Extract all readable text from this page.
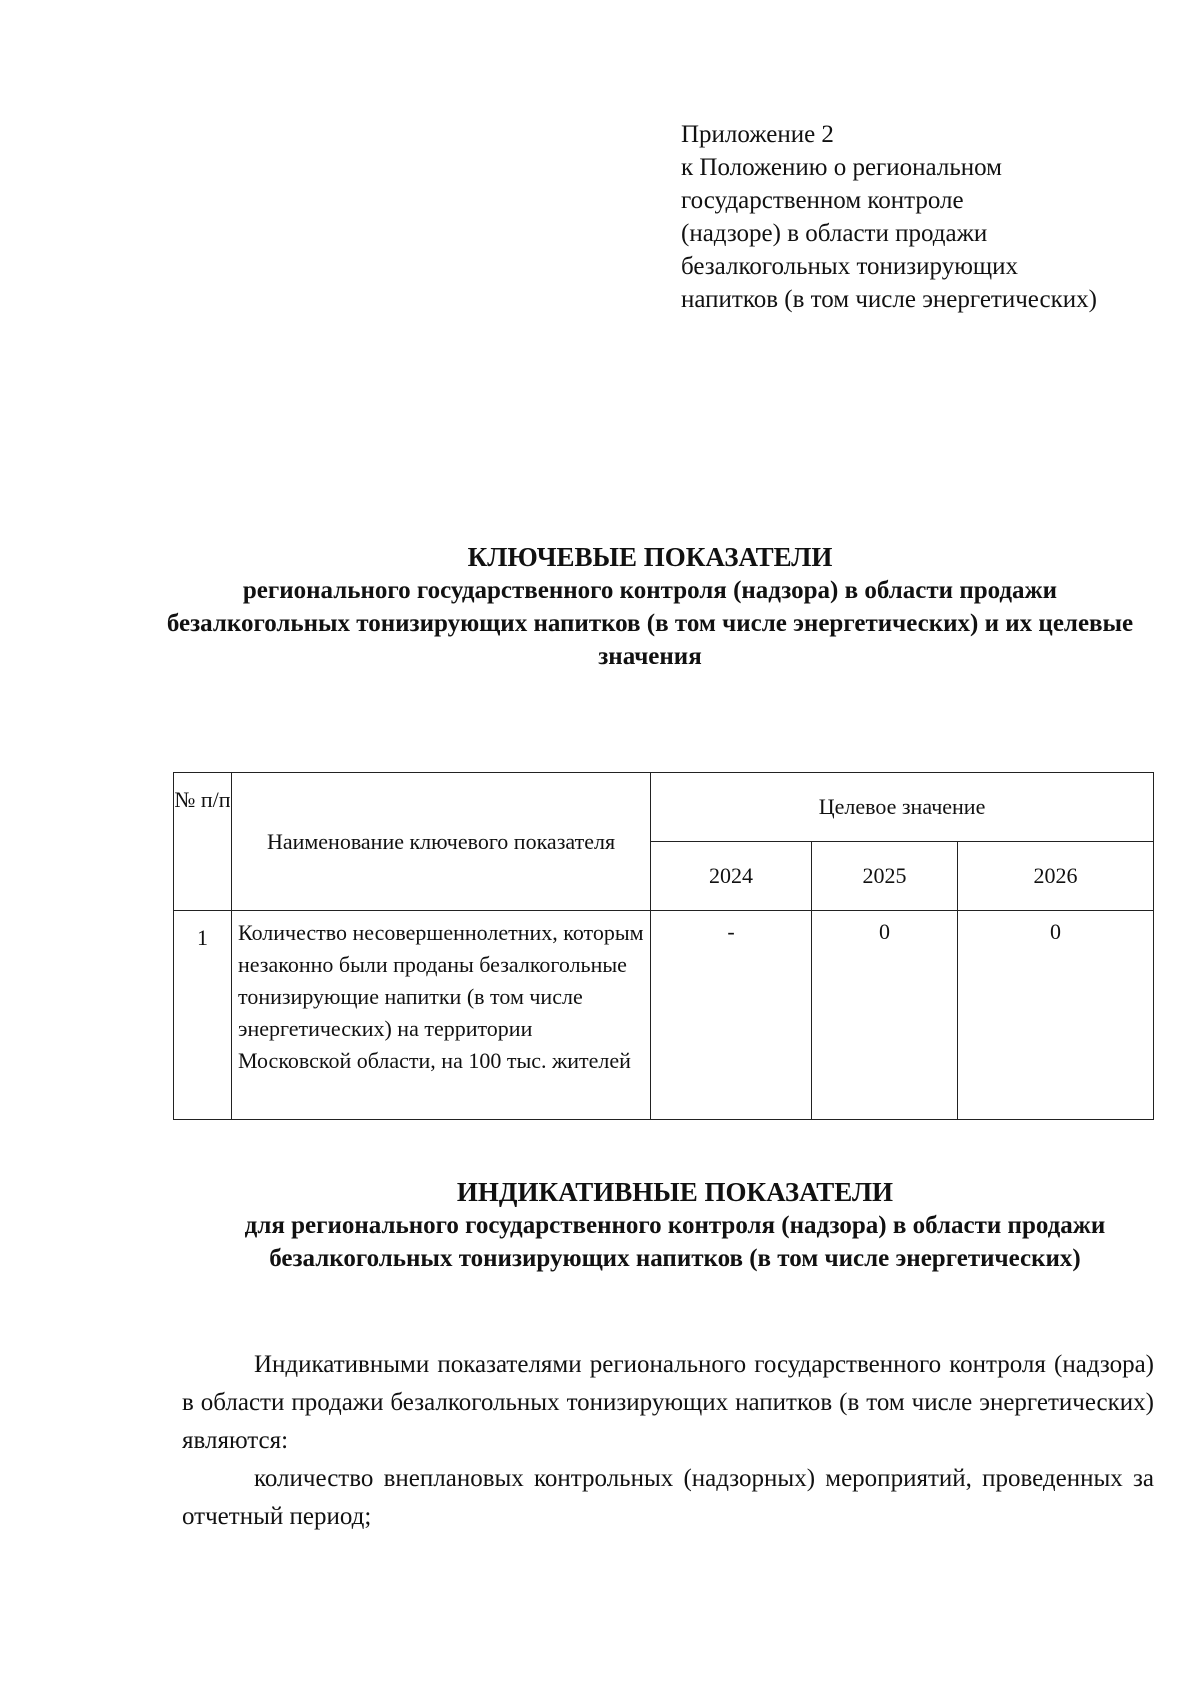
Приложение 2
к Положению о региональном
государственном контроле
(надзоре) в области продажи
безалкогольных тонизирующих
напитков (в том числе энергетических)
КЛЮЧЕВЫЕ ПОКАЗАТЕЛИ
регионального государственного контроля (надзора) в области продажи безалкогольных тонизирующих напитков (в том числе энергетических) и их целевые значения
№ п/п	Наименование ключевого показателя	Целевое значение		
		2024	2025	2026
1	Количество несовершеннолетних, которым незаконно были проданы безалкогольные тонизирующие напитки (в том числе энергетических) на территории Московской области, на 100 тыс. жителей	-	0	0
ИНДИКАТИВНЫЕ ПОКАЗАТЕЛИ
для регионального государственного контроля (надзора) в области продажи безалкогольных тонизирующих напитков (в том числе энергетических)

Индикативными показателями регионального государственного контроля (надзора) в области продажи безалкогольных тонизирующих напитков (в том числе энергетических) являются:

количество внеплановых контрольных (надзорных) мероприятий, проведенных за отчетный период;
